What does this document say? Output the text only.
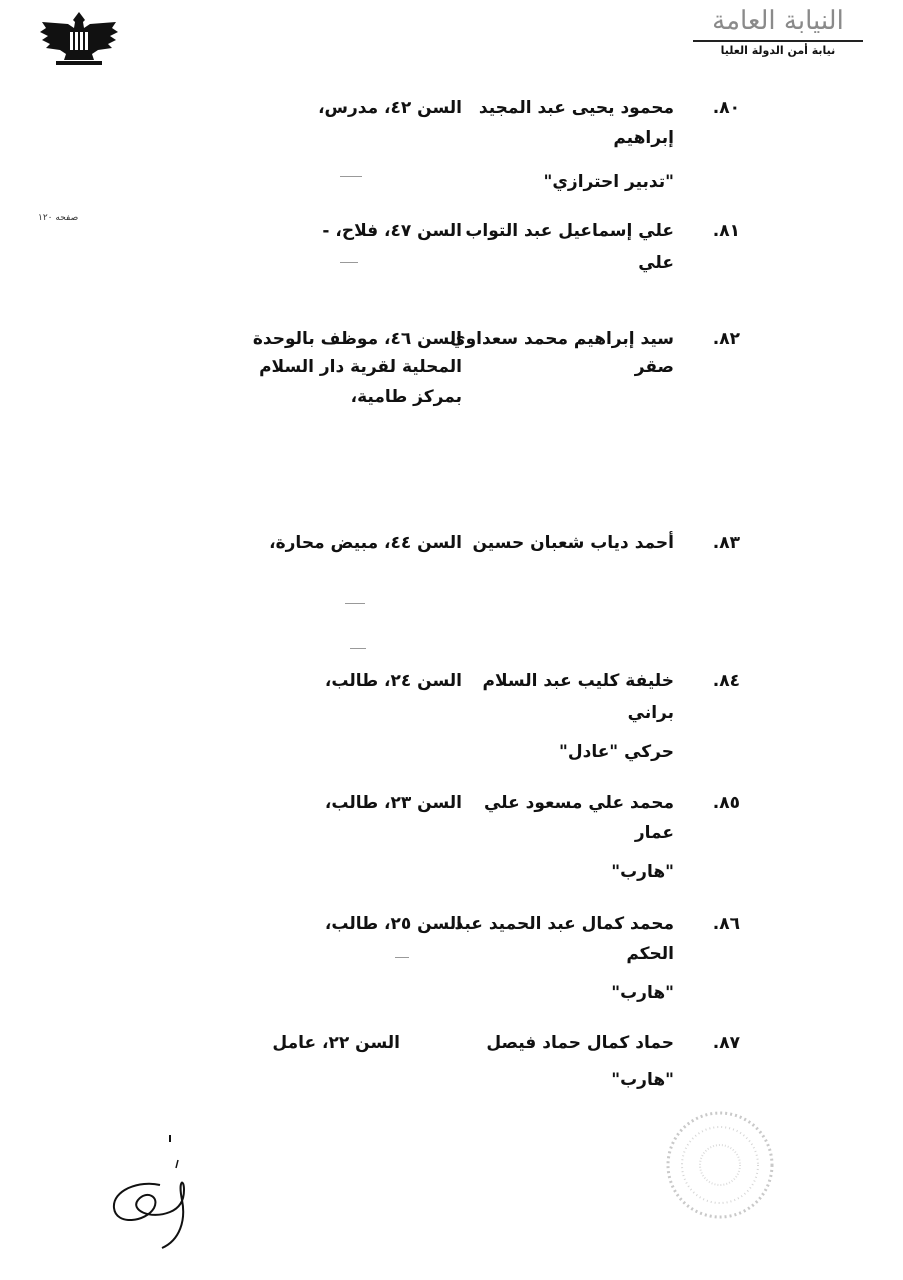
النيابة العامة
نيابة أمن الدولة العليا
صفحه ١٢٠
٨٠.
محمود يحيى عبد المجيد
السن ٤٢، مدرس،
إبراهيم
"تدبير احترازي"
٨١.
علي إسماعيل عبد التواب
السن ٤٧، فلاح، -
علي
٨٢.
سيد إبراهيم محمد سعداوي
السن ٤٦، موظف بالوحدة
صقر
المحلية لقرية دار السلام
بمركز طامية،
٨٣.
أحمد دياب شعبان حسين
السن ٤٤، مبيض محارة،
٨٤.
خليفة كليب عبد السلام
السن ٢٤، طالب،
براني
حركي "عادل"
٨٥.
محمد علي مسعود علي
السن ٢٣، طالب،
عمار
"هارب"
٨٦.
محمد كمال عبد الحميد عبد
السن ٢٥، طالب،
الحكم
"هارب"
٨٧.
حماد كمال حماد فيصل
السن ٢٢، عامل
"هارب"
